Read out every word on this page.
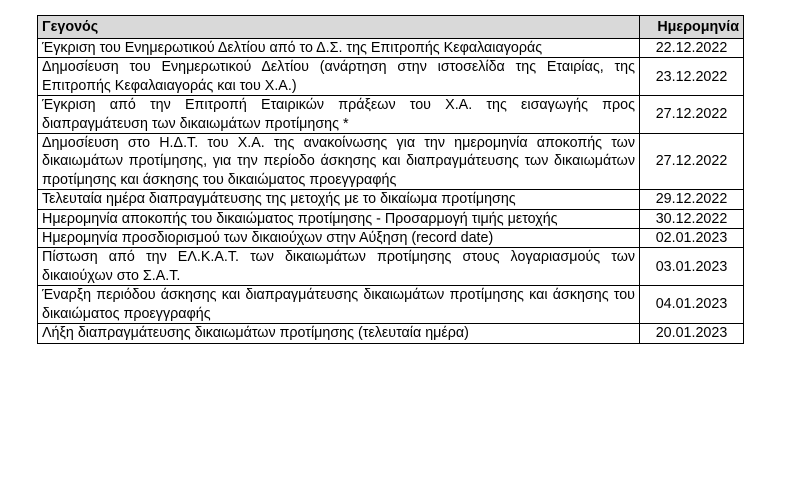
Γεγονός	Ημερομηνία
Έγκριση του Ενημερωτικού Δελτίου από το Δ.Σ. της Επιτροπής Κεφαλαιαγοράς	22.12.2022
Δημοσίευση του Ενημερωτικού Δελτίου (ανάρτηση στην ιστοσελίδα της Εταιρίας, της Επιτροπής Κεφαλαιαγοράς και του Χ.Α.)	23.12.2022
Έγκριση από την Επιτροπή Εταιρικών πράξεων του Χ.Α. της εισαγωγής προς διαπραγμάτευση των δικαιωμάτων προτίμησης *	27.12.2022
Δημοσίευση στο Η.Δ.Τ. του Χ.Α. της ανακοίνωσης για την ημερομηνία αποκοπής των δικαιωμάτων προτίμησης, για την περίοδο άσκησης και διαπραγμάτευσης των δικαιωμάτων προτίμησης και άσκησης του δικαιώματος προεγγραφής	27.12.2022
Τελευταία ημέρα διαπραγμάτευσης της μετοχής με το δικαίωμα προτίμησης	29.12.2022
Ημερομηνία αποκοπής του δικαιώματος προτίμησης - Προσαρμογή τιμής μετοχής	30.12.2022
Ημερομηνία προσδιορισμού των δικαιούχων στην Αύξηση (record date)	02.01.2023
Πίστωση από την ΕΛ.Κ.Α.Τ. των δικαιωμάτων προτίμησης στους λογαριασμούς των δικαιούχων στο Σ.Α.Τ.	03.01.2023
Έναρξη περιόδου άσκησης και διαπραγμάτευσης δικαιωμάτων προτίμησης και άσκησης του δικαιώματος προεγγραφής	04.01.2023
Λήξη διαπραγμάτευσης δικαιωμάτων προτίμησης (τελευταία ημέρα)	20.01.2023
